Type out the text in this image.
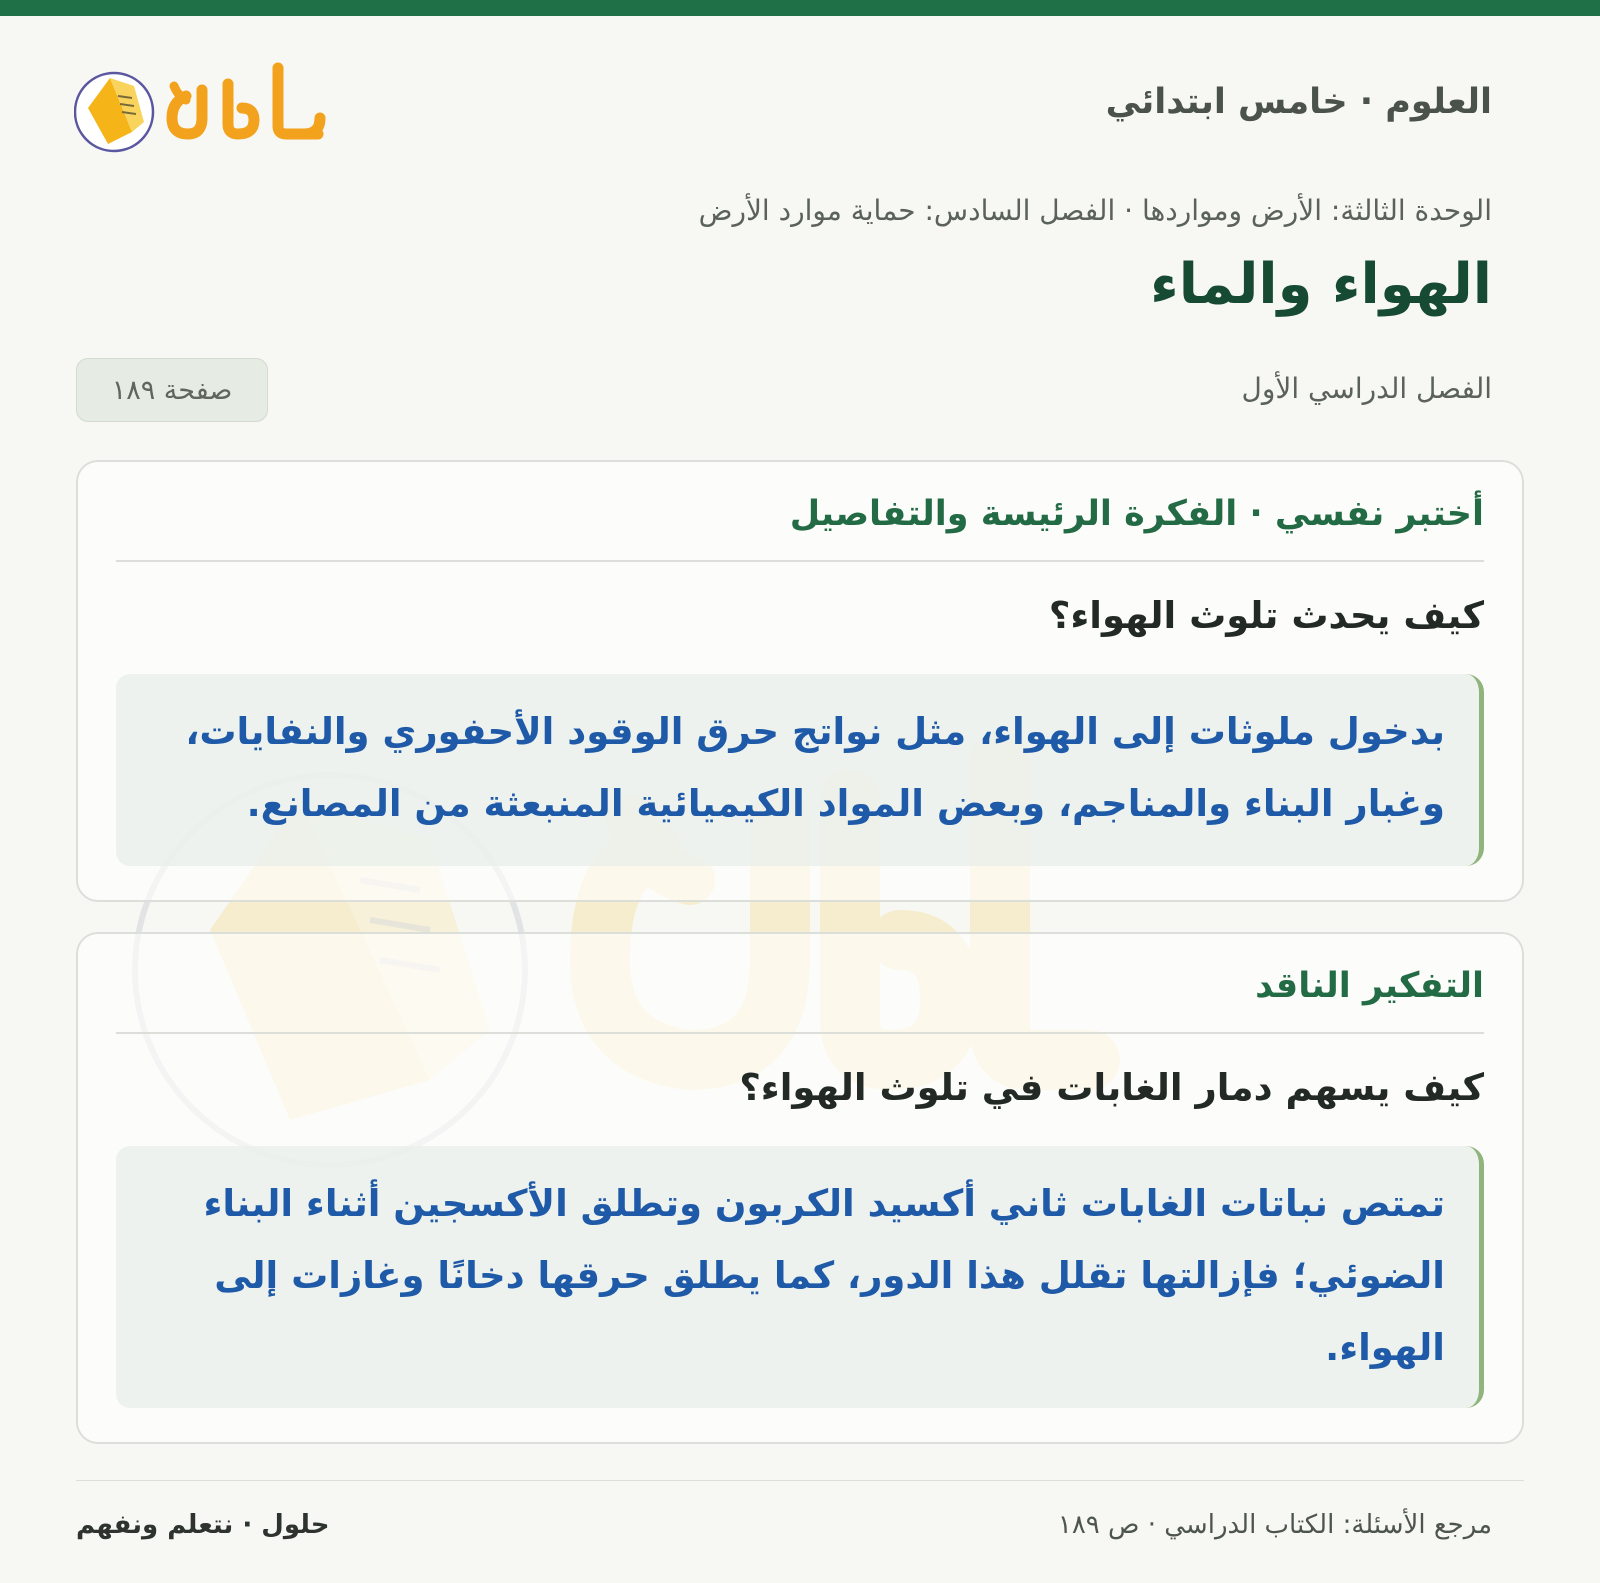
العلوم · خامس ابتدائي
الوحدة الثالثة: الأرض ومواردها · الفصل السادس: حماية موارد الأرض
الهواء والماء
الفصل الدراسي الأول
صفحة ١٨٩
أختبر نفسي · الفكرة الرئيسة والتفاصيل
كيف يحدث تلوث الهواء؟
بدخول ملوثات إلى الهواء، مثل نواتج حرق الوقود الأحفوري والنفايات، وغبار البناء والمناجم، وبعض المواد الكيميائية المنبعثة من المصانع.
التفكير الناقد
كيف يسهم دمار الغابات في تلوث الهواء؟
تمتص نباتات الغابات ثاني أكسيد الكربون وتطلق الأكسجين أثناء البناء الضوئي؛ فإزالتها تقلل هذا الدور، كما يطلق حرقها دخانًا وغازات إلى الهواء.
مرجع الأسئلة: الكتاب الدراسي · ص ١٨٩
حلول · نتعلم ونفهم
